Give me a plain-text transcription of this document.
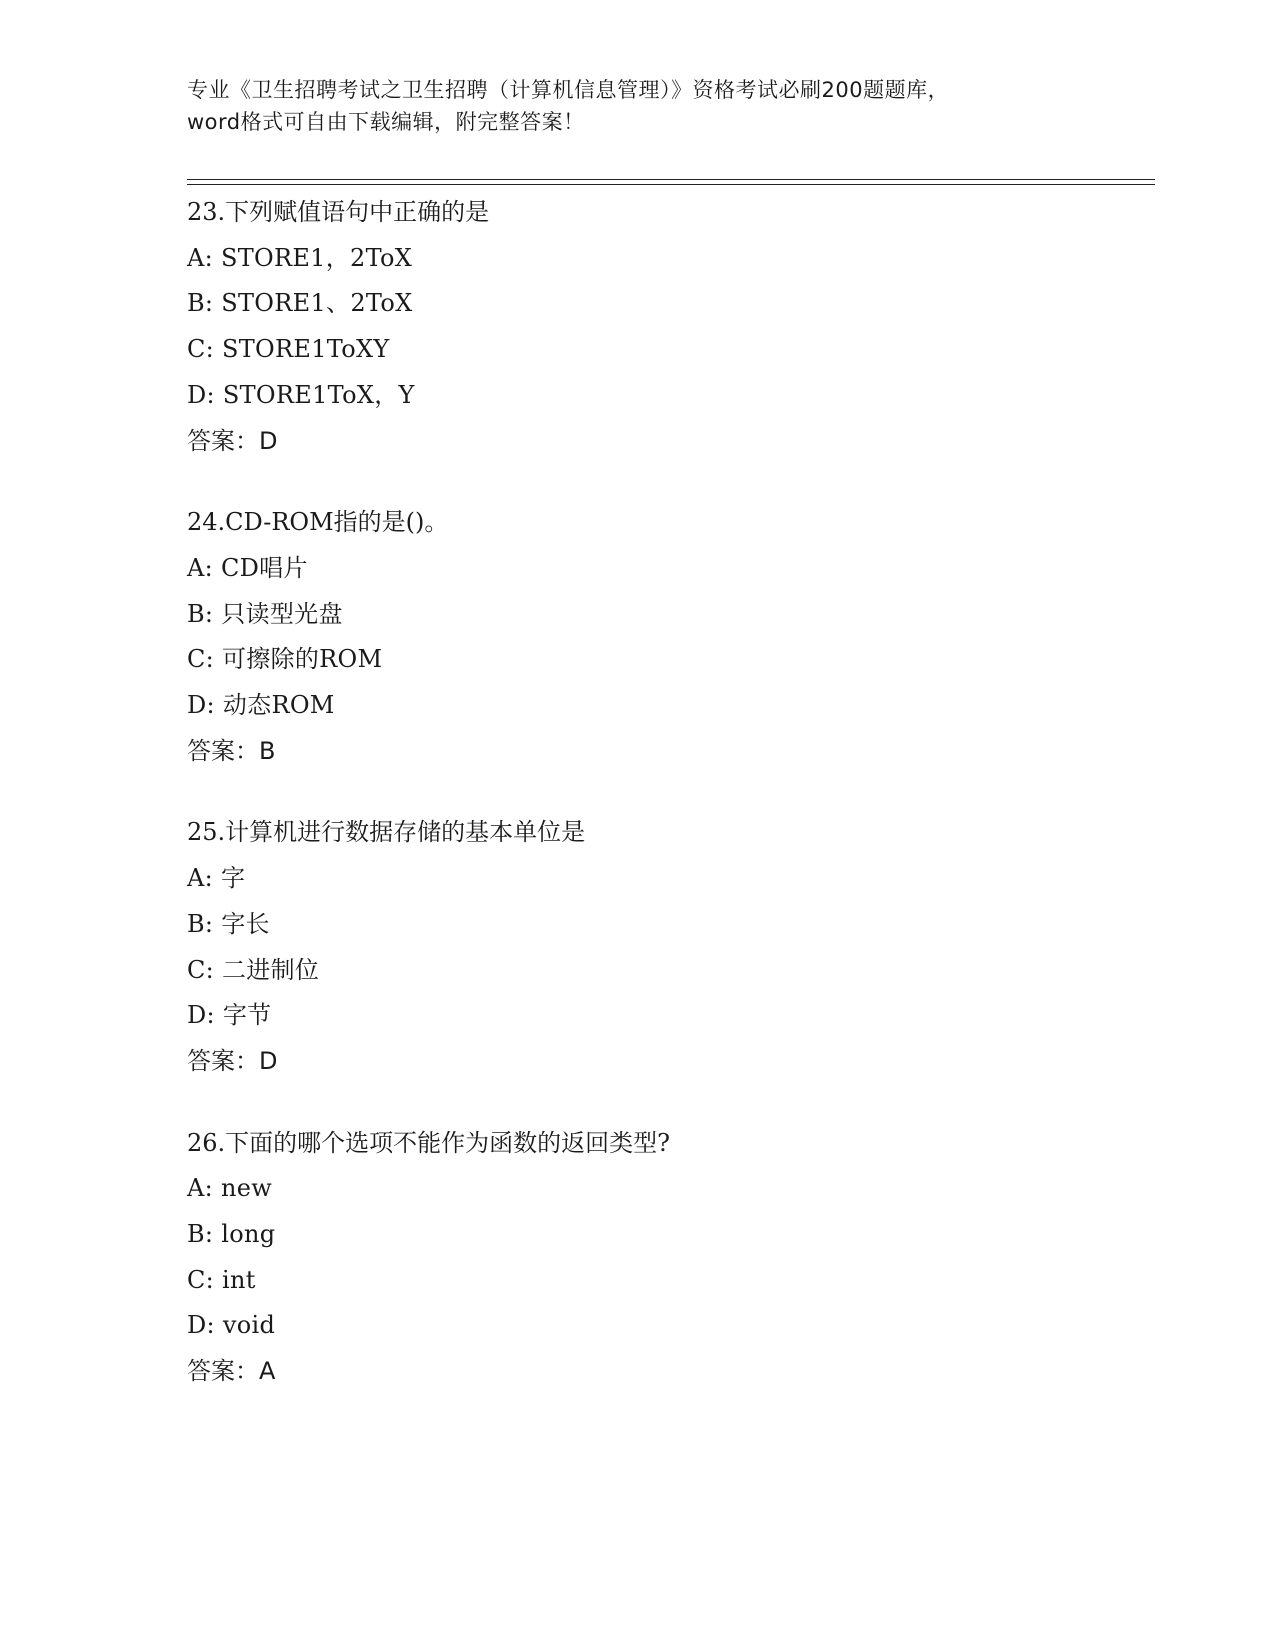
专业《卫生招聘考试之卫生招聘（计算机信息管理）》资格考试必刷200题题库，
word格式可自由下载编辑，附完整答案！
23.下列赋值语句中正确的是
A: STORE1，2ToX
B: STORE1、2ToX
C: STORE1ToXY
D: STORE1ToX，Y
答案：D
24.CD-ROM指的是()。
A: CD唱片
B: 只读型光盘
C: 可擦除的ROM
D: 动态ROM
答案：B
25.计算机进行数据存储的基本单位是
A: 字
B: 字长
C: 二进制位
D: 字节
答案：D
26.下面的哪个选项不能作为函数的返回类型?
A: new
B: long
C: int
D: void
答案：A
